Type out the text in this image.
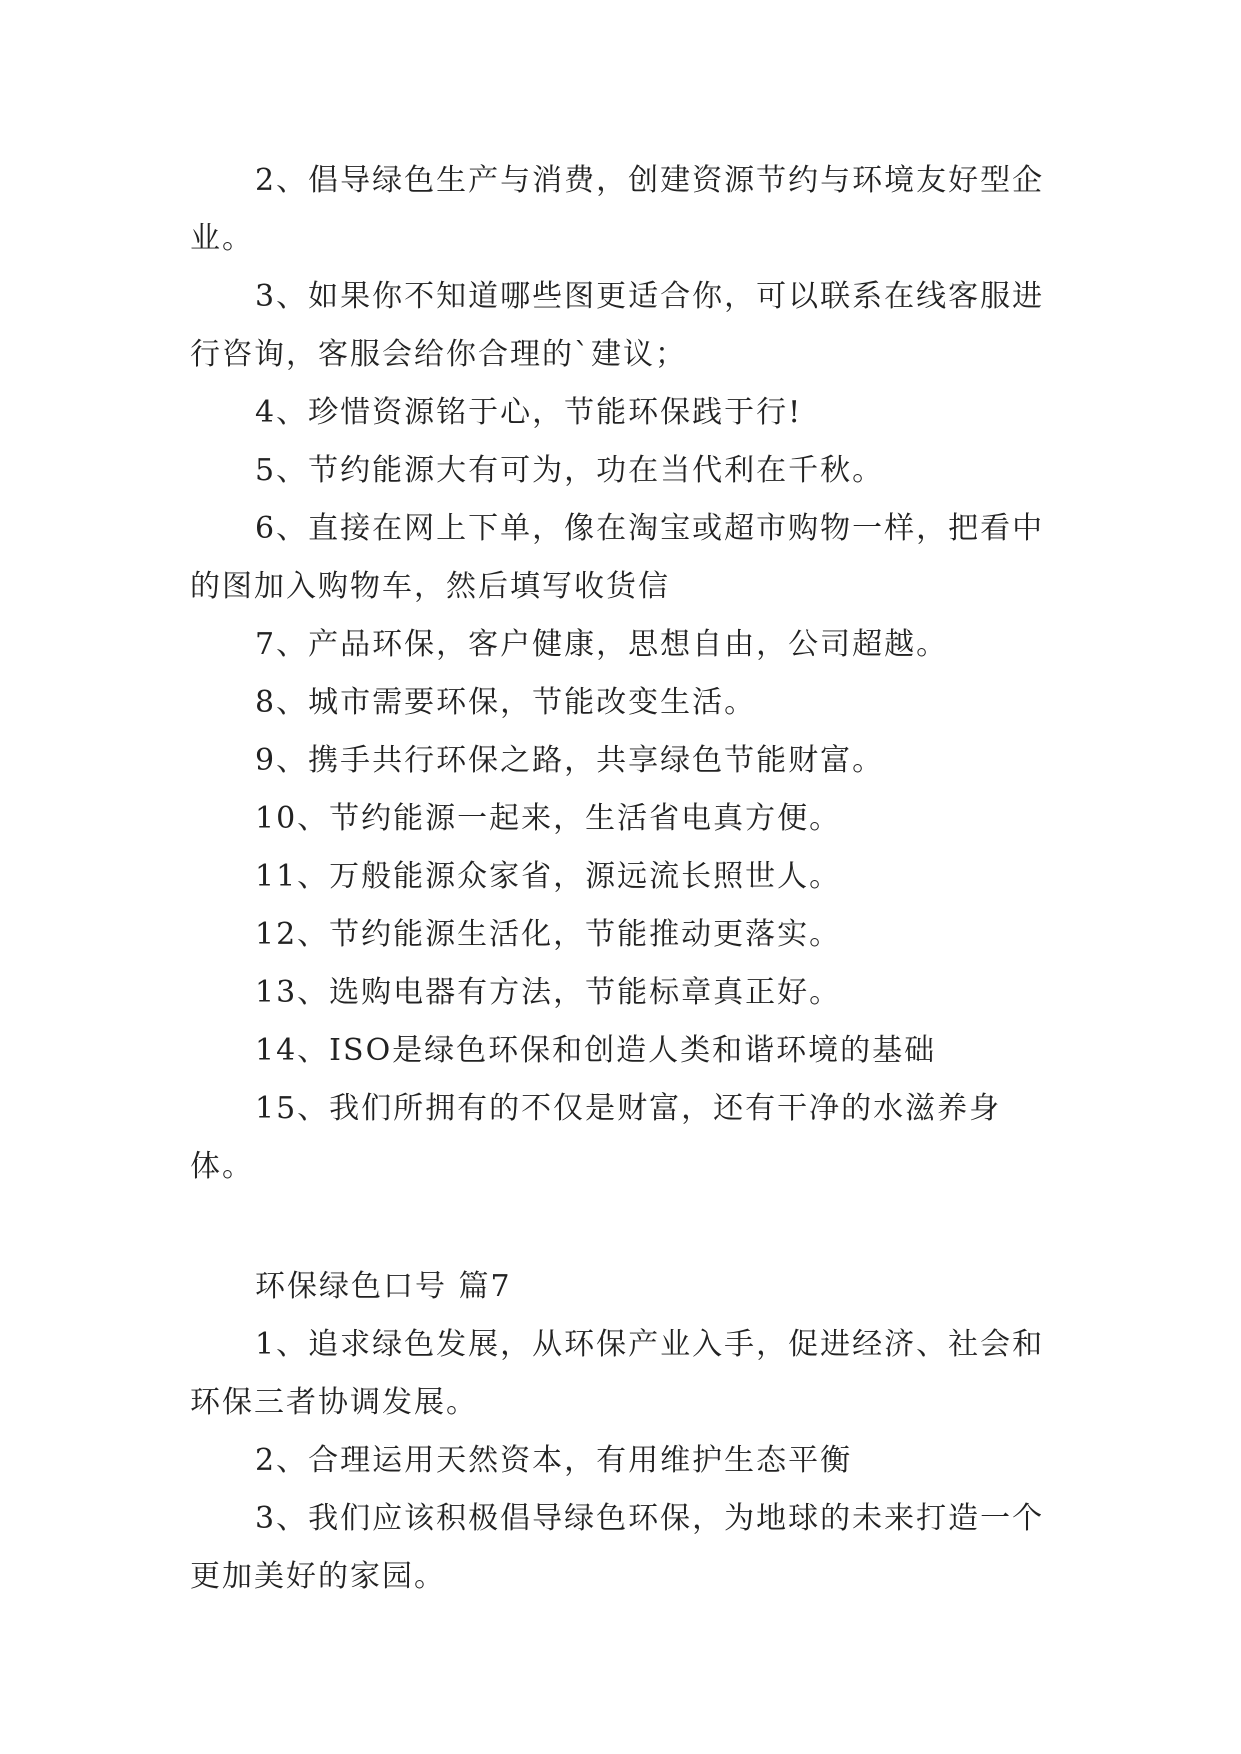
2、倡导绿色生产与消费，创建资源节约与环境友好型企业。

3、如果你不知道哪些图更适合你，可以联系在线客服进行咨询，客服会给你合理的`建议；

4、珍惜资源铭于心，节能环保践于行!

5、节约能源大有可为，功在当代利在千秋。

6、直接在网上下单，像在淘宝或超市购物一样，把看中的图加入购物车，然后填写收货信

7、产品环保，客户健康，思想自由，公司超越。

8、城市需要环保，节能改变生活。

9、携手共行环保之路，共享绿色节能财富。

10、节约能源一起来，生活省电真方便。

11、万般能源众家省，源远流长照世人。

12、节约能源生活化，节能推动更落实。

13、选购电器有方法，节能标章真正好。

14、ISO是绿色环保和创造人类和谐环境的基础

15、我们所拥有的不仅是财富，还有干净的水滋养身体。

环保绿色口号 篇7

1、追求绿色发展，从环保产业入手，促进经济、社会和环保三者协调发展。

2、合理运用天然资本，有用维护生态平衡

3、我们应该积极倡导绿色环保，为地球的未来打造一个更加美好的家园。
